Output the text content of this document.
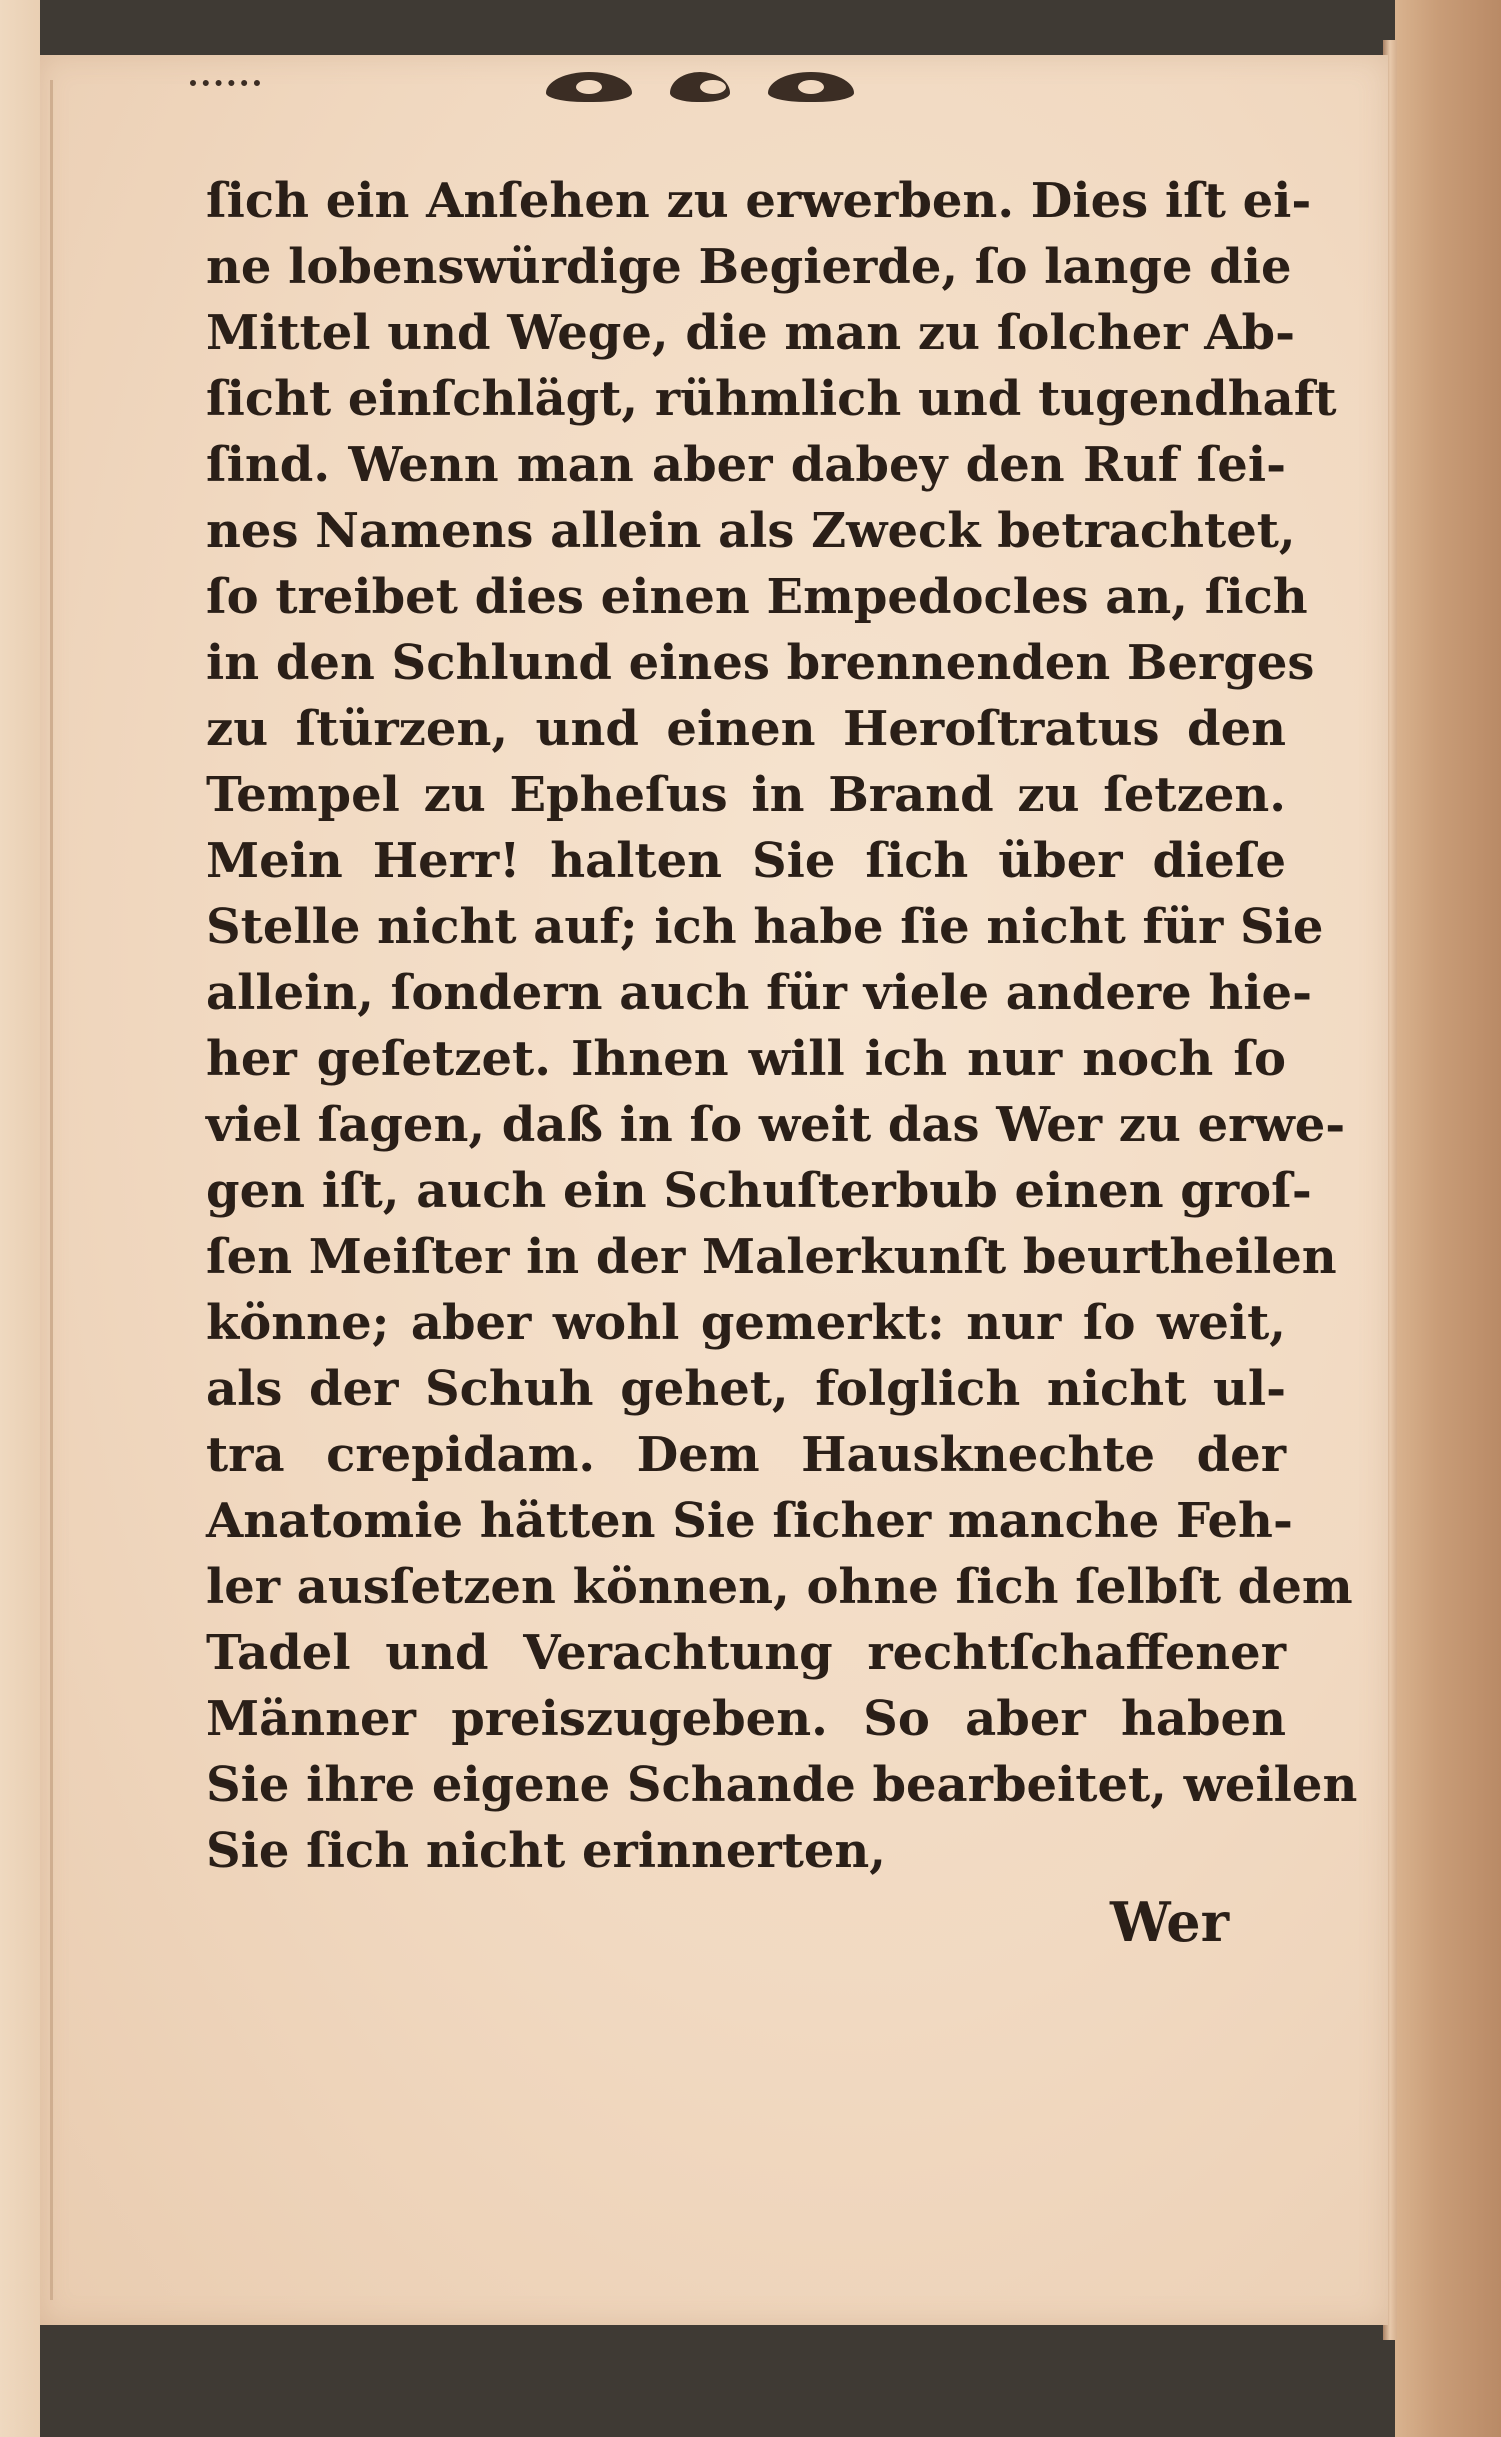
ſich ein Anſehen zu erwerben. Dies iſt ei-
ne lobenswürdige Begierde, ſo lange die
Mittel und Wege, die man zu ſolcher Ab-
ſicht einſchlägt, rühmlich und tugendhaft
ſind. Wenn man aber dabey den Ruf ſei-
nes Namens allein als Zweck betrachtet,
ſo treibet dies einen Empedocles an, ſich
in den Schlund eines brennenden Berges
zu ſtürzen, und einen Heroſtratus den
Tempel zu Epheſus in Brand zu ſetzen.
Mein Herr! halten Sie ſich über dieſe
Stelle nicht auf; ich habe ſie nicht für Sie
allein, ſondern auch für viele andere hie-
her geſetzet. Ihnen will ich nur noch ſo
viel ſagen, daß in ſo weit das Wer zu erwe-
gen iſt, auch ein Schuſterbub einen groſ-
ſen Meiſter in der Malerkunſt beurtheilen
könne; aber wohl gemerkt: nur ſo weit,
als der Schuh gehet, folglich nicht ul-
tra crepidam. Dem Hausknechte der
Anatomie hätten Sie ſicher manche Feh-
ler ausſetzen können, ohne ſich ſelbſt dem
Tadel und Verachtung rechtſchaffener
Männer preiszugeben. So aber haben
Sie ihre eigene Schande bearbeitet, weilen
Sie ſich nicht erinnerten,
Wer
